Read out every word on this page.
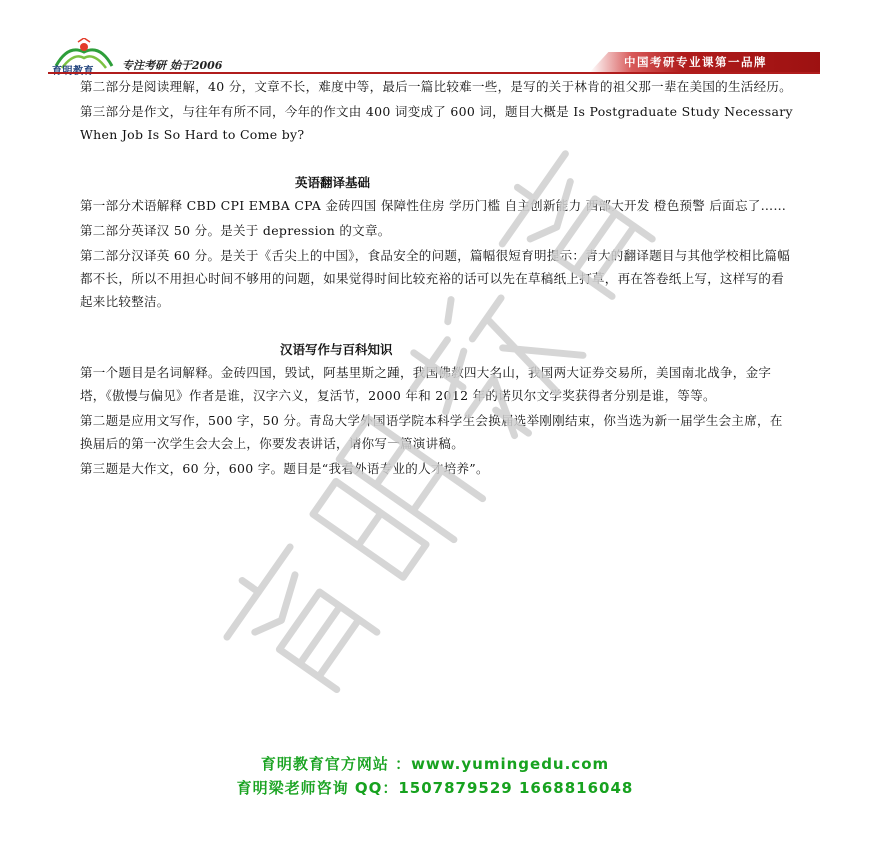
专注考研 始于2006	中国考研专业课第一品牌

第二部分是阅读理解，40 分，文章不长，难度中等，最后一篇比较难一些，是写的关于林肯的祖父那一辈在美国的生活经历。

第三部分是作文，与往年有所不同，今年的作文由 400 词变成了 600 词，题目大概是 Is Postgraduate Study Necessary When Job Is So Hard to Come by?

英语翻译基础

第一部分术语解释 CBD CPI EMBA CPA 金砖四国 保障性住房 学历门槛 自主创新能力 西部大开发 橙色预警 后面忘了……

第二部分英译汉 50 分。是关于 depression 的文章。

第二部分汉译英 60 分。是关于《舌尖上的中国》，食品安全的问题，篇幅很短育明提示：青大的翻译题目与其他学校相比篇幅都不长，所以不用担心时间不够用的问题，如果觉得时间比较充裕的话可以先在草稿纸上打草，再在答卷纸上写，这样写的看起来比较整洁。

汉语写作与百科知识

第一个题目是名词解释。金砖四国，毁试，阿基里斯之踵，我国佛教四大名山，我国两大证券交易所，美国南北战争，金字塔，《傲慢与偏见》作者是谁，汉字六义，复活节，2000 年和 2012 年的诺贝尔文学奖获得者分别是谁，等等。

第二题是应用文写作，500 字，50 分。青岛大学外国语学院本科学生会换届选举刚刚结束，你当选为新一届学生会主席，在换届后的第一次学生会大会上，你要发表讲话，请你写一篇演讲稿。

第三题是大作文，60 分，600 字。题目是“我看外语专业的人才培养”。

育明教育官方网站 ：www.yumingedu.com
育明梁老师咨询 QQ：1507879529 1668816048
